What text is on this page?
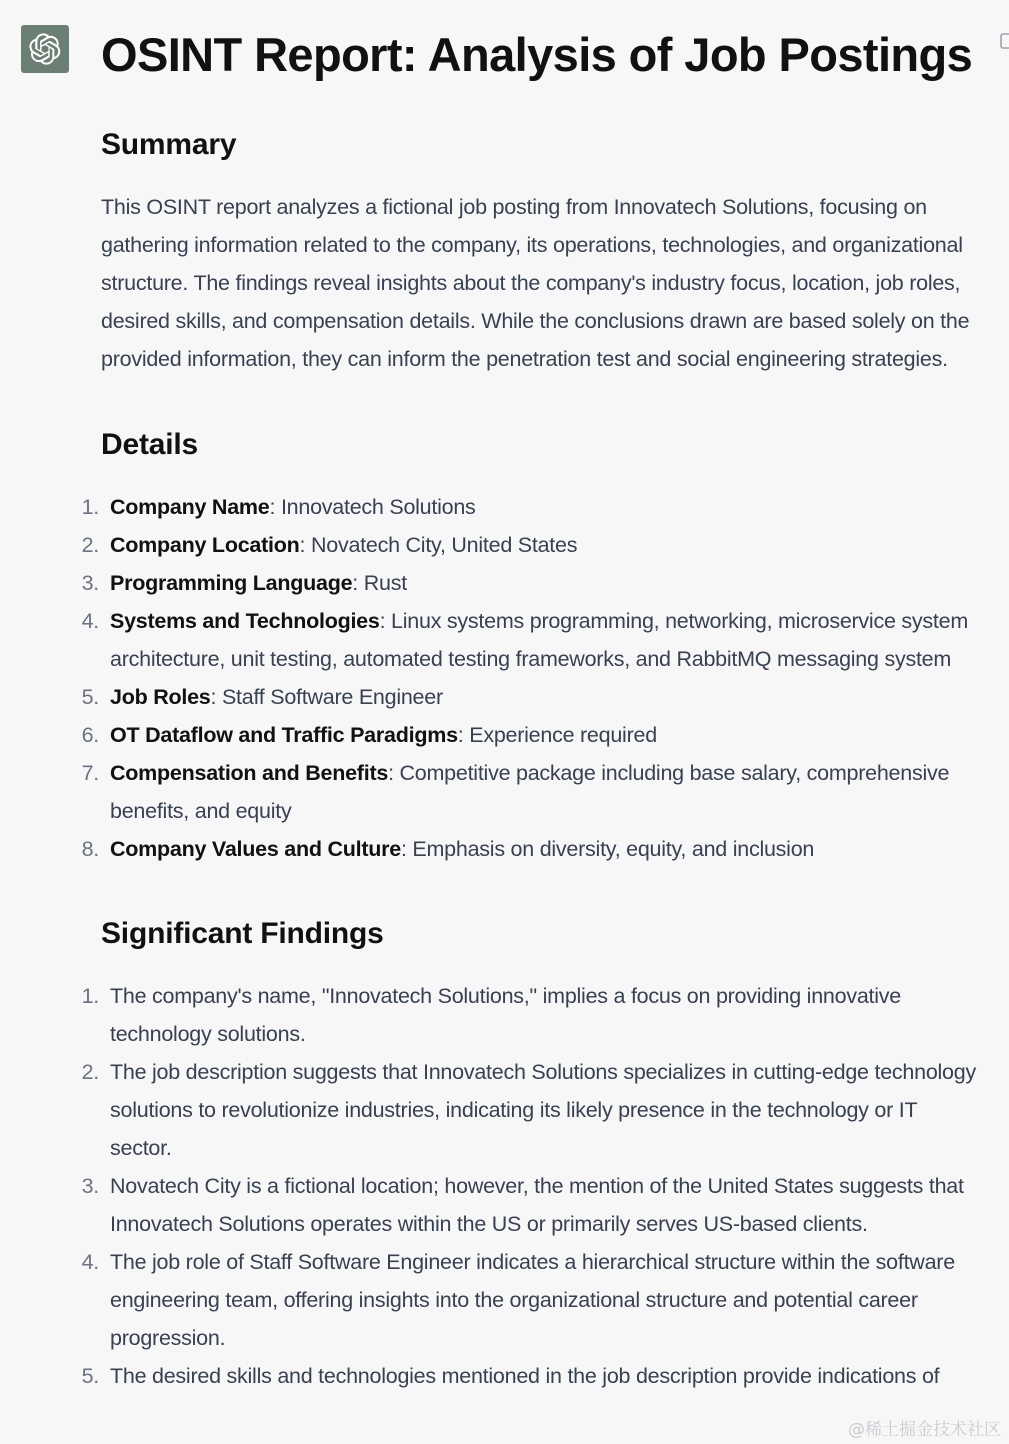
OSINT Report: Analysis of Job Postings
Summary

This OSINT report analyzes a fictional job posting from Innovatech Solutions, focusing on gathering information related to the company, its operations, technologies, and organizational structure. The findings reveal insights about the company's industry focus, location, job roles, desired skills, and compensation details. While the conclusions drawn are based solely on the provided information, they can inform the penetration test and social engineering strategies.

Details
1. Company Name: Innovatech Solutions
2. Company Location: Novatech City, United States
3. Programming Language: Rust
4. Systems and Technologies: Linux systems programming, networking, microservice system architecture, unit testing, automated testing frameworks, and RabbitMQ messaging system
5. Job Roles: Staff Software Engineer
6. OT Dataflow and Traffic Paradigms: Experience required
7. Compensation and Benefits: Competitive package including base salary, comprehensive benefits, and equity
8. Company Values and Culture: Emphasis on diversity, equity, and inclusion
Significant Findings
1. The company's name, "Innovatech Solutions," implies a focus on providing innovative technology solutions.
2. The job description suggests that Innovatech Solutions specializes in cutting-edge technology solutions to revolutionize industries, indicating its likely presence in the technology or IT sector.
3. Novatech City is a fictional location; however, the mention of the United States suggests that Innovatech Solutions operates within the US or primarily serves US-based clients.
4. The job role of Staff Software Engineer indicates a hierarchical structure within the software engineering team, offering insights into the organizational structure and potential career progression.
5. The desired skills and technologies mentioned in the job description provide indications of
@稀土掘金技术社区
